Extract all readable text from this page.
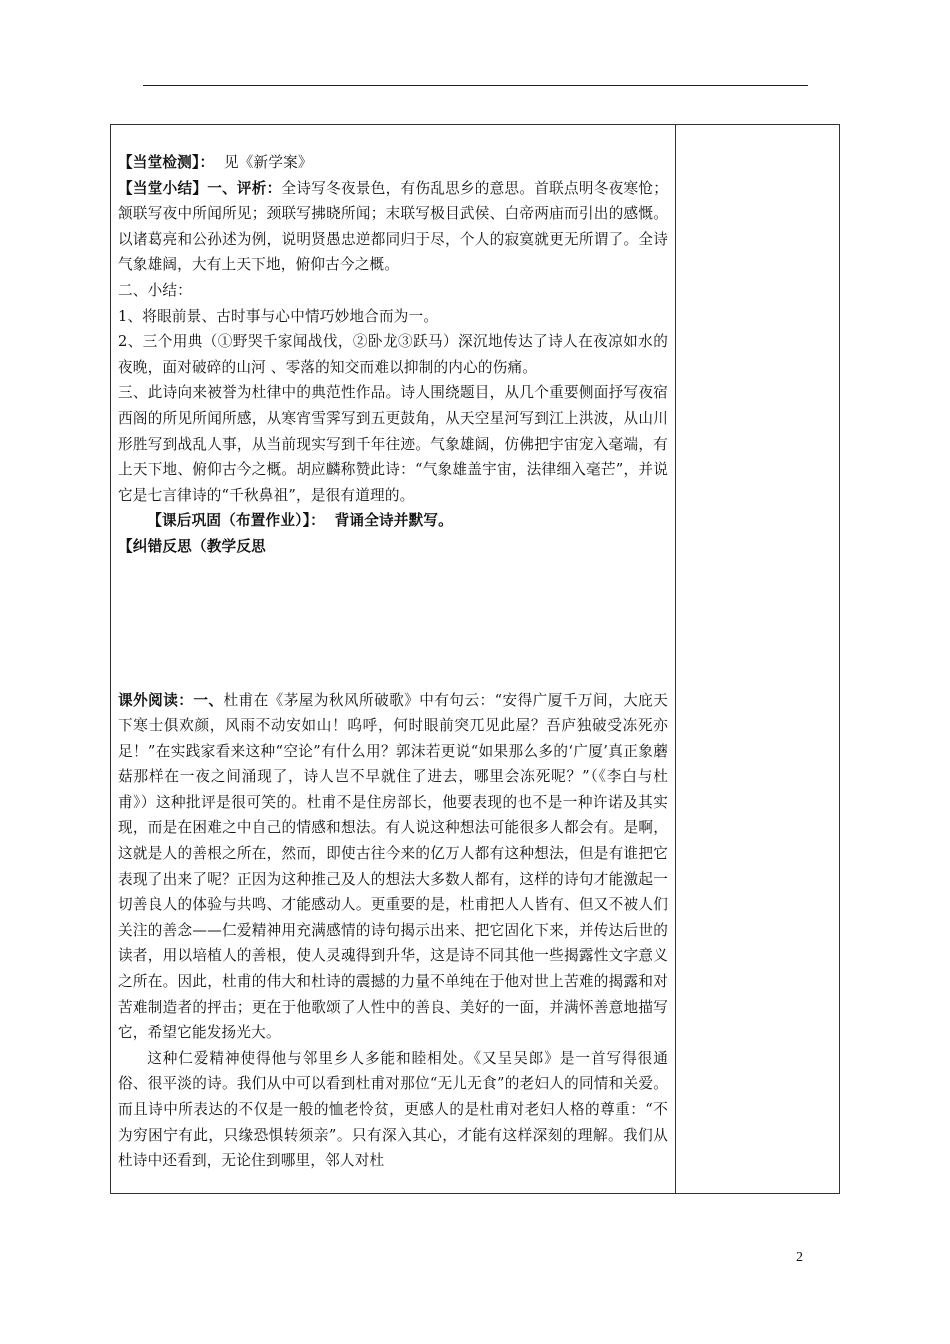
【当堂检测】： 见《新学案》

【当堂小结】一、评析：全诗写冬夜景色，有伤乱思乡的意思。首联点明冬夜寒怆；颔联写夜中所闻所见；颈联写拂晓所闻；末联写极目武侯、白帝两庙而引出的感慨。以诸葛亮和公孙述为例，说明贤愚忠逆都同归于尽，个人的寂寞就更无所谓了。全诗气象雄阔，大有上天下地，俯仰古今之概。

二、小结：

1、将眼前景、古时事与心中情巧妙地合而为一。

2、三个用典（①野哭千家闻战伐，②卧龙③跃马）深沉地传达了诗人在夜凉如水的夜晚，面对破碎的山河 、零落的知交而难以抑制的内心的伤痛。

三、此诗向来被誉为杜律中的典范性作品。诗人围绕题目，从几个重要侧面抒写夜宿西阁的所见所闻所感，从寒宵雪霁写到五更鼓角，从天空星河写到江上洪波，从山川形胜写到战乱人事，从当前现实写到千年往迹。气象雄阔，仿佛把宇宙宠入毫端，有上天下地、俯仰古今之概。胡应麟称赞此诗：“气象雄盖宇宙，法律细入毫芒”，并说它是七言律诗的“千秋鼻祖”，是很有道理的。

【课后巩固（布置作业）】： 背诵全诗并默写。

【纠错反思（教学反思

课外阅读：一、杜甫在《茅屋为秋风所破歌》中有句云：“安得广厦千万间，大庇天下寒士俱欢颜，风雨不动安如山！呜呼，何时眼前突兀见此屋？吾庐独破受冻死亦足！”在实践家看来这种“空论”有什么用？郭沫若更说“如果那么多的‘广厦’真正象蘑菇那样在一夜之间涌现了，诗人岂不早就住了进去，哪里会冻死呢？”（《李白与杜甫》）这种批评是很可笑的。杜甫不是住房部长，他要表现的也不是一种许诺及其实现，而是在困难之中自己的情感和想法。有人说这种想法可能很多人都会有。是啊，这就是人的善根之所在，然而，即使古往今来的亿万人都有这种想法，但是有谁把它表现了出来了呢？正因为这种推己及人的想法大多数人都有，这样的诗句才能激起一切善良人的体验与共鸣、才能感动人。更重要的是，杜甫把人人皆有、但又不被人们关注的善念——仁爱精神用充满感情的诗句揭示出来、把它固化下来，并传达后世的读者，用以培植人的善根，使人灵魂得到升华，这是诗不同其他一些揭露性文字意义之所在。因此，杜甫的伟大和杜诗的震撼的力量不单纯在于他对世上苦难的揭露和对苦难制造者的抨击；更在于他歌颂了人性中的善良、美好的一面，并满怀善意地描写它，希望它能发扬光大。

这种仁爱精神使得他与邻里乡人多能和睦相处。《又呈吴郎》是一首写得很通俗、很平淡的诗。我们从中可以看到杜甫对那位“无儿无食”的老妇人的同情和关爱。而且诗中所表达的不仅是一般的恤老怜贫，更感人的是杜甫对老妇人格的尊重：“不为穷困宁有此，只缘恐惧转须亲”。只有深入其心，才能有这样深刻的理解。我们从杜诗中还看到，无论住到哪里，邻人对杜

2
